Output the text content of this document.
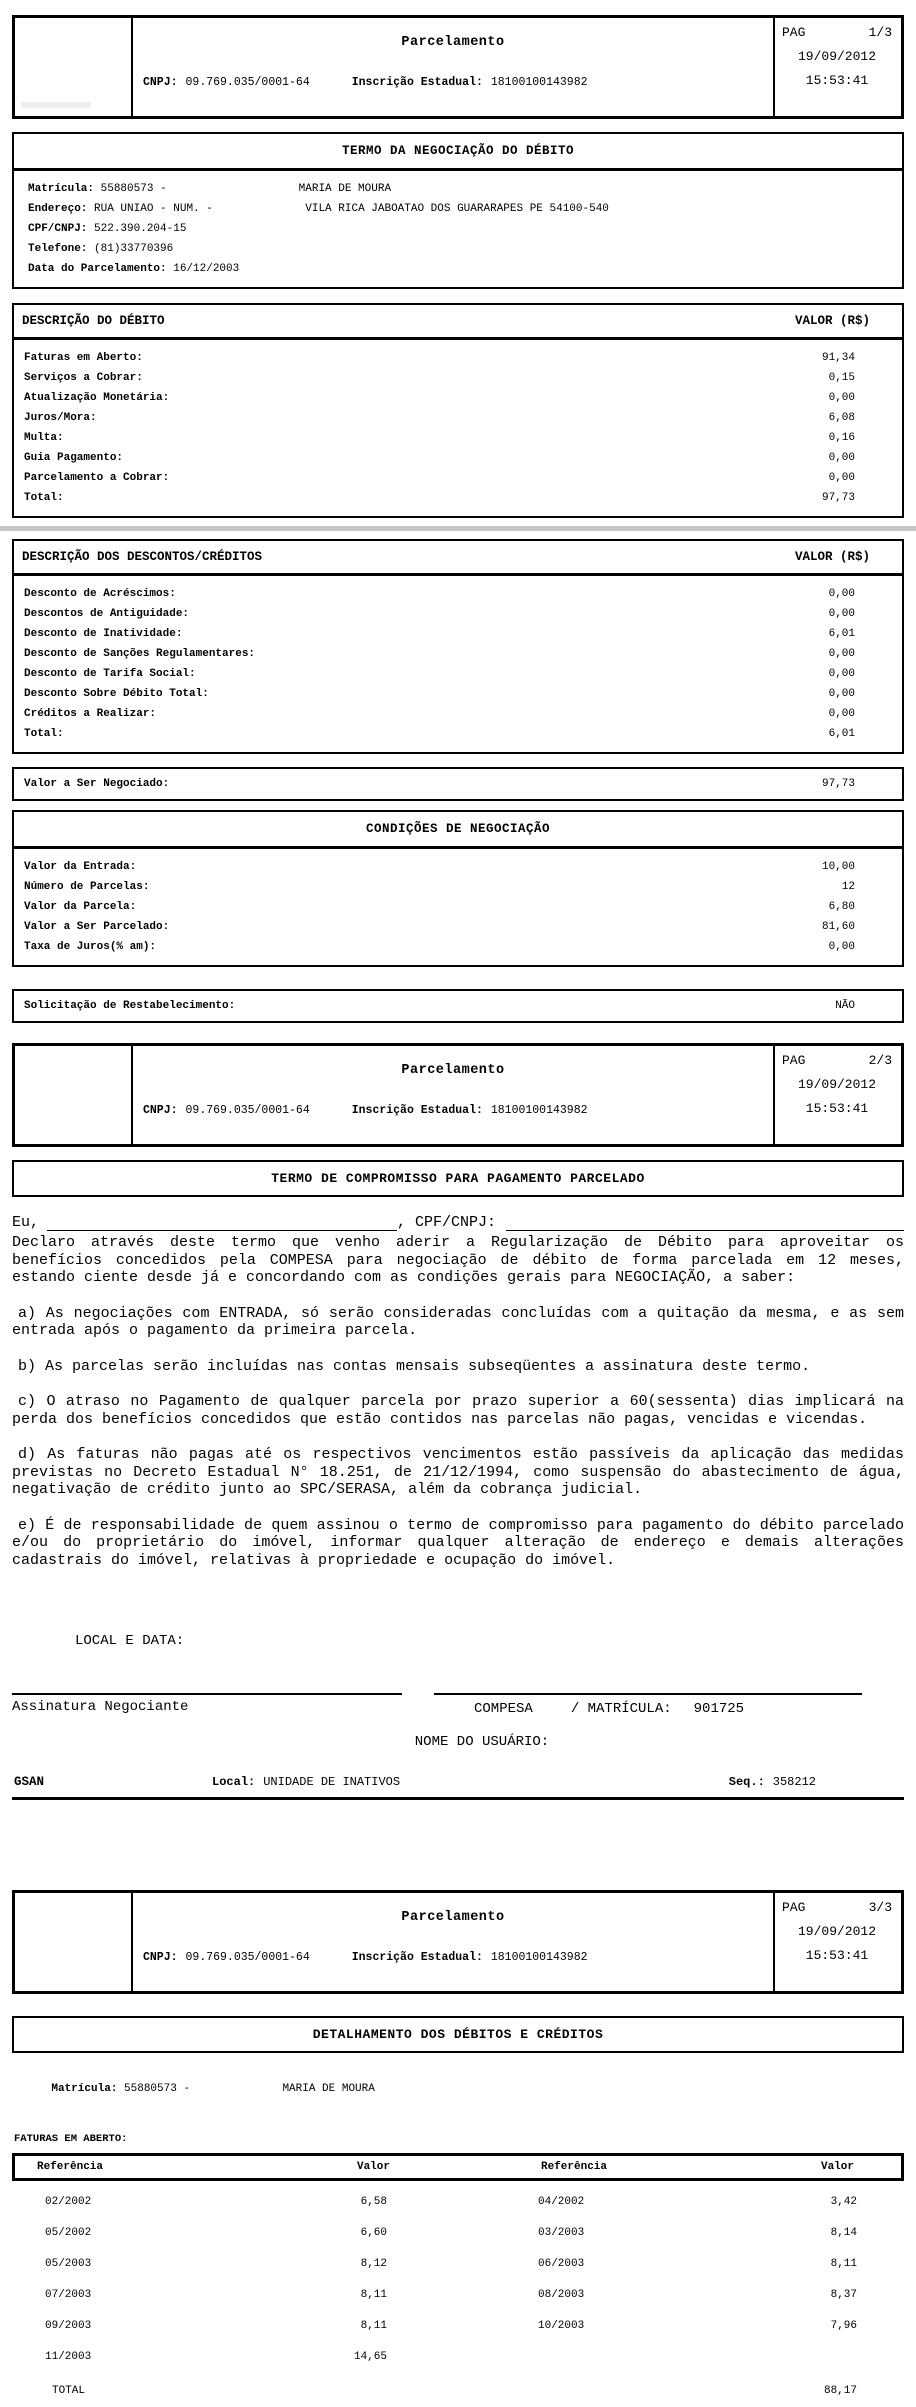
Parcelamento
CNPJ: 09.769.035/0001-64	Inscrição Estadual: 18100100143982
PAG	1/3
19/09/2012
15:53:41
TERMO DA NEGOCIAÇÃO DO DÉBITO
Matrícula: 55880573 -                    MARIA DE MOURA
Endereço: RUA UNIAO - NUM. -              VILA RICA JABOATAO DOS GUARARAPES PE 54100-540
CPF/CNPJ: 522.390.204-15
Telefone: (81)33770396
Data do Parcelamento: 16/12/2003
DESCRIÇÃO DO DÉBITO	VALOR (R$)
Faturas em Aberto:	91,34
Serviços a Cobrar:	0,15
Atualização Monetária:	0,00
Juros/Mora:	6,08
Multa:	0,16
Guia Pagamento:	0,00
Parcelamento a Cobrar:	0,00
Total:	97,73
DESCRIÇÃO DOS DESCONTOS/CRÉDITOS	VALOR (R$)
Desconto de Acréscimos:	0,00
Descontos de Antiguidade:	0,00
Desconto de Inatividade:	6,01
Desconto de Sanções Regulamentares:	0,00
Desconto de Tarifa Social:	0,00
Desconto Sobre Débito Total:	0,00
Créditos a Realizar:	0,00
Total:	6,01
Valor a Ser Negociado:	97,73
CONDIÇÕES DE NEGOCIAÇÃO
Valor da Entrada:	10,00
Número de Parcelas:	12
Valor da Parcela:	6,80
Valor a Ser Parcelado:	81,60
Taxa de Juros(% am):	0,00
Solicitação de Restabelecimento:	NÃO
Parcelamento
CNPJ: 09.769.035/0001-64	Inscrição Estadual: 18100100143982
PAG	2/3
19/09/2012
15:53:41
TERMO DE COMPROMISSO PARA PAGAMENTO PARCELADO
Eu,	, CPF/CNPJ:
Declaro através deste termo que venho aderir a Regularização de Débito para aproveitar os benefícios concedidos pela COMPESA para negociação de débito de forma parcelada em 12 meses, estando ciente desde já e concordando com as condições gerais para NEGOCIAÇÃO, a saber:
a) As negociações com ENTRADA, só serão consideradas concluídas com a quitação da mesma, e as sem entrada após o pagamento da primeira parcela.
b) As parcelas serão incluídas nas contas mensais subseqüentes a assinatura deste termo.
c) O atraso no Pagamento de qualquer parcela por prazo superior a 60(sessenta) dias implicará na perda dos benefícios concedidos que estão contidos nas parcelas não pagas, vencidas e vicendas.
d) As faturas não pagas até os respectivos vencimentos estão passíveis da aplicação das medidas previstas no Decreto Estadual N° 18.251, de 21/12/1994, como suspensão do abastecimento de água, negativação de crédito junto ao SPC/SERASA, além da cobrança judicial.
e) É de responsabilidade de quem assinou o termo de compromisso para pagamento do débito parcelado e/ou do proprietário do imóvel, informar qualquer alteração de endereço e demais alterações cadastrais do imóvel, relativas à propriedade e ocupação do imóvel.
LOCAL E DATA:
Assinatura Negociante	COMPESA	/ MATRÍCULA: 901725
NOME DO USUÁRIO:
GSAN	Local: UNIDADE DE INATIVOS	Seq.: 358212
Parcelamento
CNPJ: 09.769.035/0001-64	Inscrição Estadual: 18100100143982
PAG	3/3
19/09/2012
15:53:41
DETALHAMENTO DOS DÉBITOS E CRÉDITOS

Matrícula: 55880573 -              MARIA DE MOURA

FATURAS EM ABERTO:
Referência	Valor	Referência	Valor
02/2002	6,58	04/2002	3,42
05/2002	6,60	03/2003	8,14
05/2003	8,12	06/2003	8,11
07/2003	8,11	08/2003	8,37
09/2003	8,11	10/2003	7,96
11/2003	14,65
TOTAL	88,17
